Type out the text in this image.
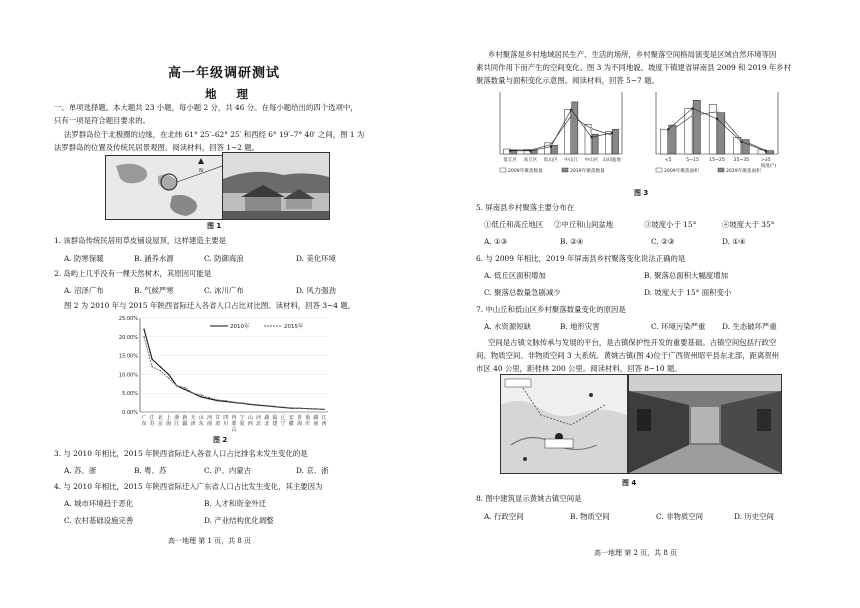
高一年级调研测试
地 理
一、单项选择题。本大题共 23 小题，每小题 2 分，共 46 分。在每小题给出的四个选项中，
只有一项是符合题目要求的。
法罗群岛位于北极圈的边缘，在北纬 61° 25′–62° 25′ 和西经 6° 19′–7° 40′ 之间，图 1 为
法罗群岛的位置及传统民居景观图。阅读材料，回答 1~2 题。
N
图 1
1. 该群岛传统民居用草皮铺设屋顶，这样建造主要是
A. 防寒保暖	B. 涵养水源	C. 防御海浪	D. 美化环境
2. 岛屿上几乎没有一棵天然树木，其原因可能是
A. 沼泽广布	B. 气候严寒	C. 冰川广布	D. 风力强劲
图 2 为 2010 年与 2015 年陕西省际迁入各省人口占比对比图。读材料，回答 3~4 题。
25.00%
20.00%
15.00%
10.00%
5.00%
0.00%
广
东
江
苏
北
京
上
海
浙
江
新
疆
天
津
山
东
河
南
甘
肃
四
川
内
蒙
古
宁
夏
山
西
河
北
湖
北
福
建
辽
宁
安
徽
青
海
重
庆
湖
南
江
西
2010年	2015年
图 2
3. 与 2010 年相比，2015 年陕西省际迁入各省人口占比排名未发生变化的是
A. 苏、浙	B. 粤、苏	C. 沪、内蒙古	D. 京、浙
4. 与 2010 年相比，2015 年陕西省际迁入广东省人口占比发生变化，其主要因为
A. 城市环境趋于恶化	B. 人才和资金外迁
C. 农村基础设施完善	D. 产业结构优化调整
高一地理 第 1 页，共 8 页
乡村聚落是乡村地域居民生产、生活的场所，乡村聚落空间格局演变是区域自然环境等因
素共同作用下而产生的空间变化。图 3 为不同地貌、坡度下镇建省屏南县 2009 和 2019 年乡村
聚落数量与面积变化示意图。阅读材料，回答 5~7 题。
低丘区 高丘区 低山区 中山丘 中山区 山间盆地
2009年聚落数量	2019年聚落数量
<5	5~15 15~25 25~35	>35
坡度(°)
2009年聚落面积	2019年聚落面积
图 3
5. 屏南县乡村聚落主要分布在
①低丘和高丘地区 ②中丘和山间盆地	③坡度小于 15°	④坡度大于 35°
A. ①③	B. ②④	C. ②③	D. ①④
6. 与 2009 年相比，2019 年屏南县乡村聚落变化说法正确的是
A. 低丘区面积增加	B. 聚落总面积大幅度增加
C. 聚落总数量急剧减少	D. 坡度大于 15° 面积变小
7. 中山丘和低山区乡村聚落数量变化的原因是
A. 水资源短缺	B. 地形灾害	C. 环境污染严重 D. 生态破坏严重
空间是古镇文脉传承与发展的平台，是古镇保护性开发的重要基础。古镇空间包括行政空
间、物质空间、非物质空间 3 大系统。黄姚古镇(图 4)位于广西贺州昭平县东北部，距离贺州
市区 40 公里，距桂林 200 公里。阅读材料，回答 8~10 题。
图 4
8. 图中建筑显示黄姚古镇空间是
A. 行政空间	B. 物质空间	C. 非物质空间	D. 历史空间
高一地理 第 2 页，共 8 页
